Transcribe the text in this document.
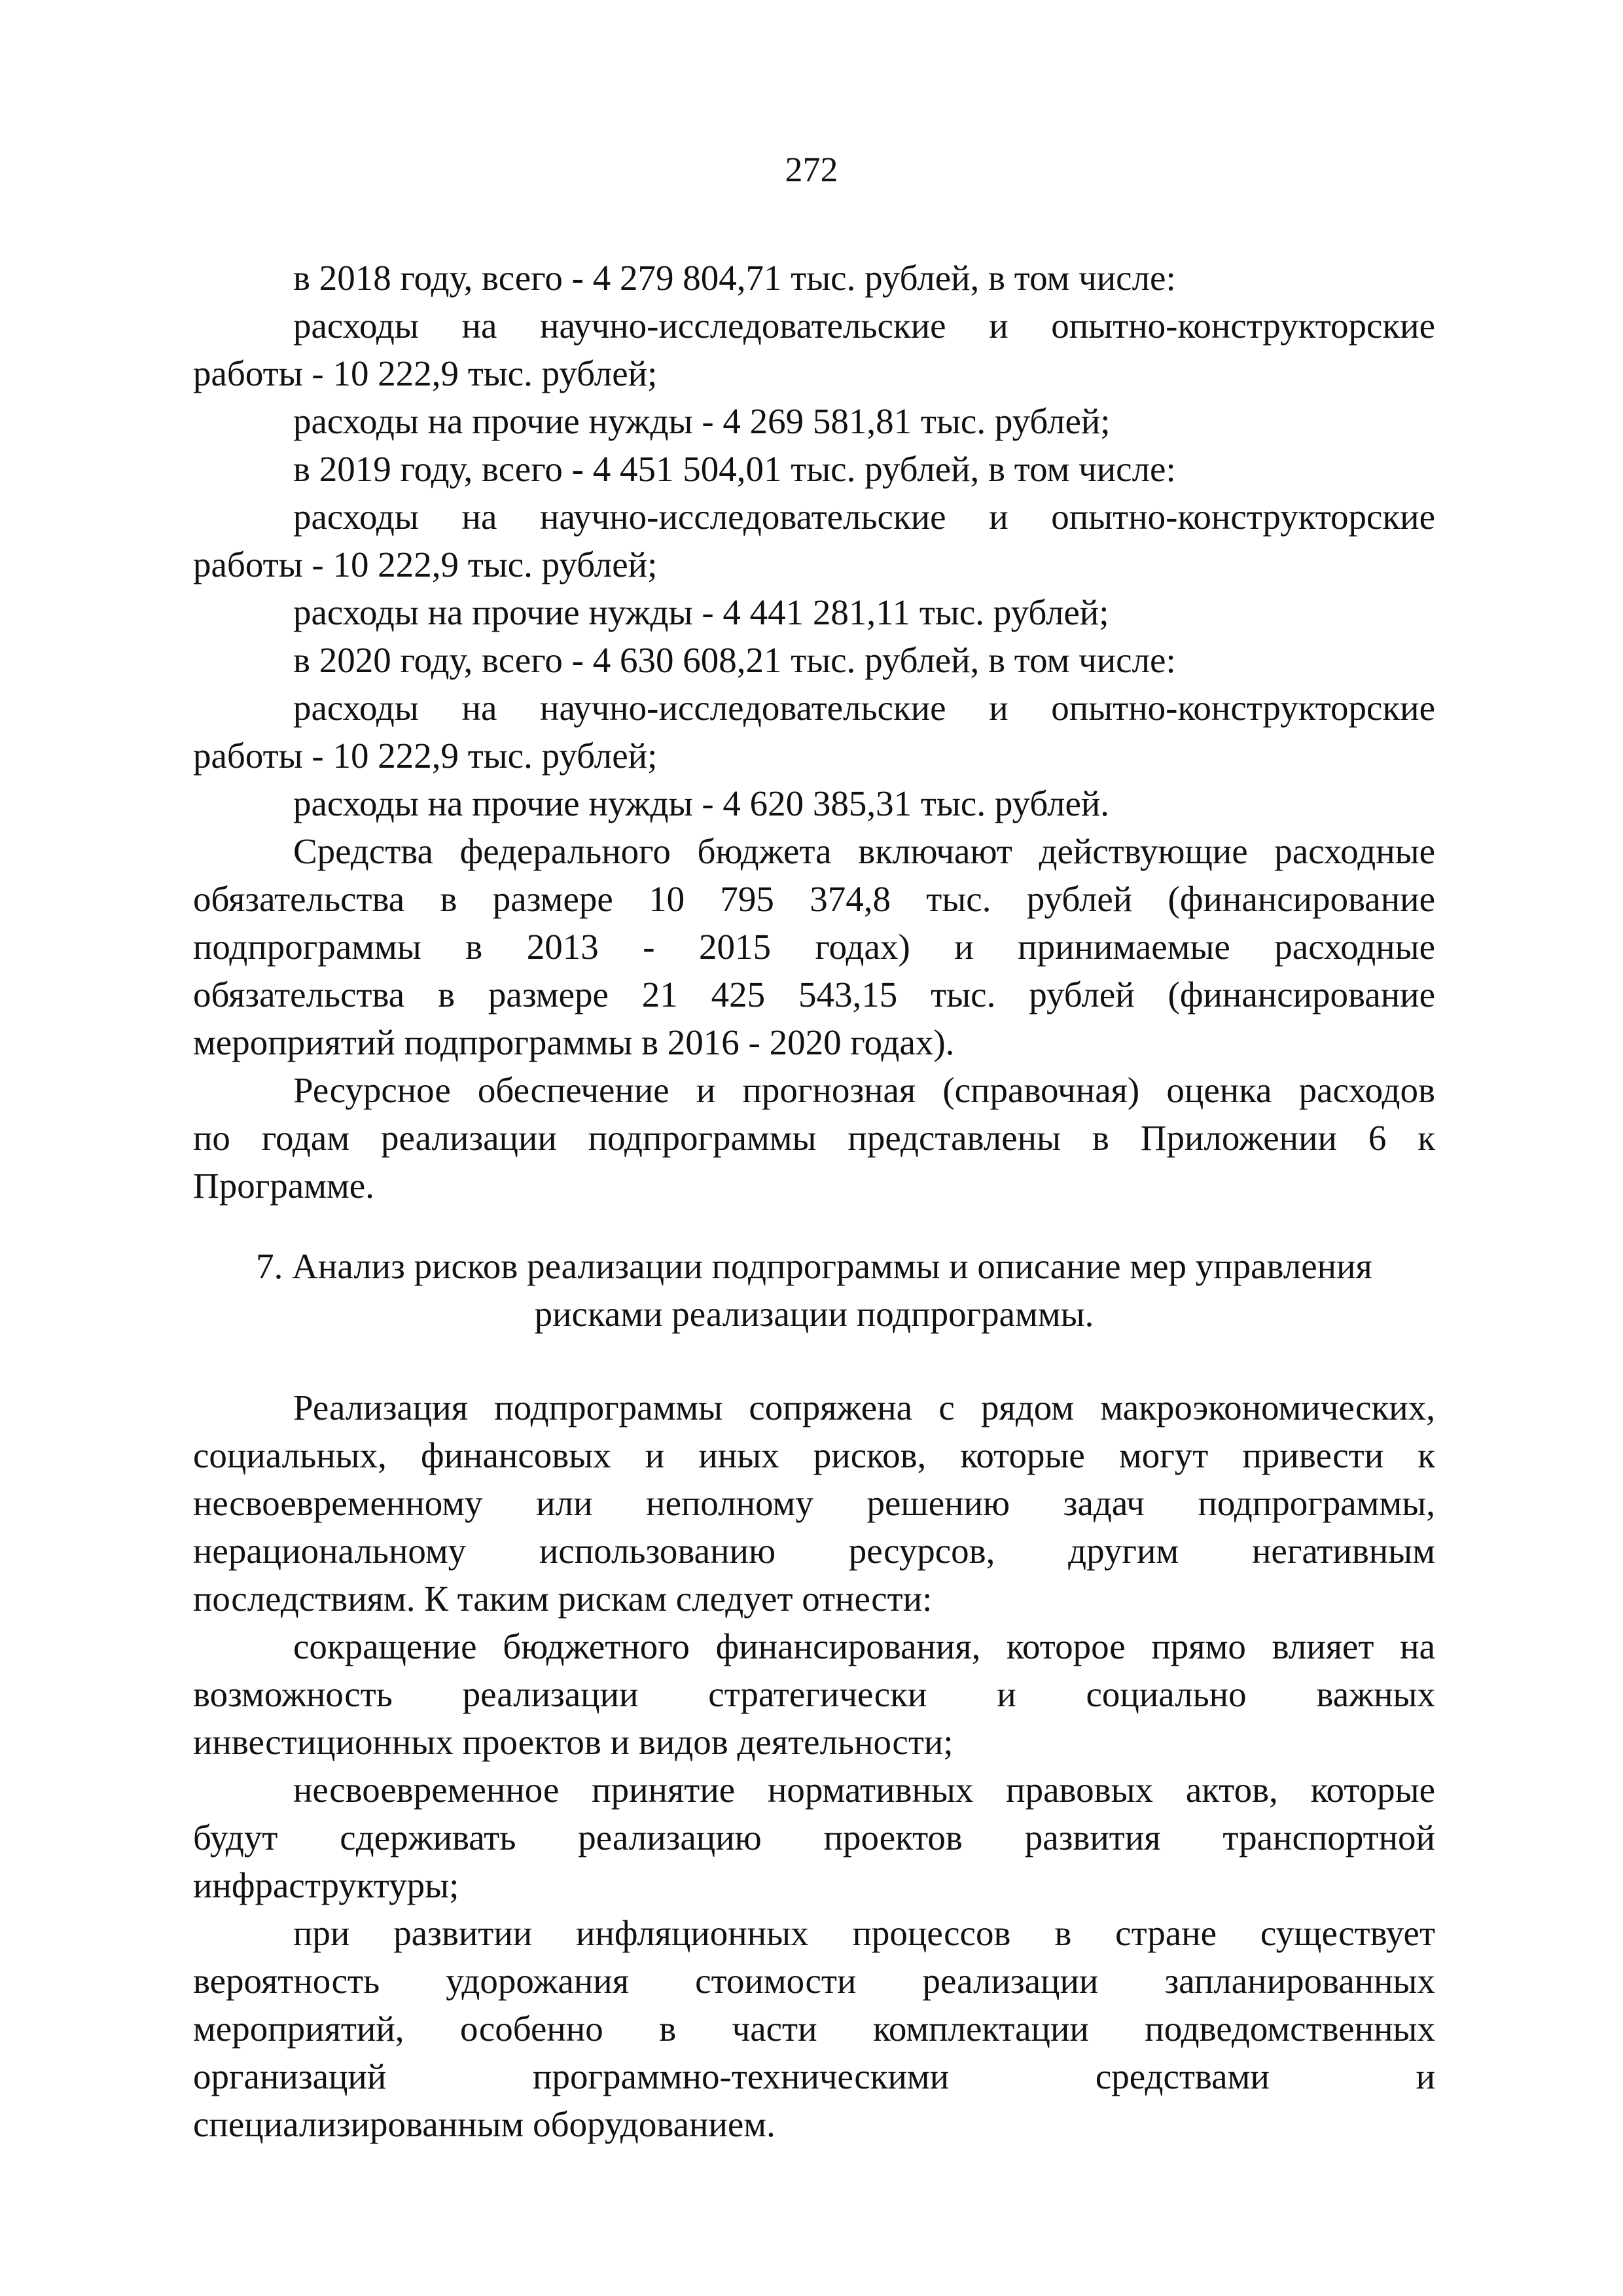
272
в 2018 году, всего - 4 279 804,71 тыс. рублей, в том числе:
расходы на научно-исследовательские и опытно-конструкторские
работы - 10 222,9 тыс. рублей;
расходы на прочие нужды - 4 269 581,81 тыс. рублей;
в 2019 году, всего - 4 451 504,01 тыс. рублей, в том числе:
расходы на научно-исследовательские и опытно-конструкторские
работы - 10 222,9 тыс. рублей;
расходы на прочие нужды - 4 441 281,11 тыс. рублей;
в 2020 году, всего - 4 630 608,21 тыс. рублей, в том числе:
расходы на научно-исследовательские и опытно-конструкторские
работы - 10 222,9 тыс. рублей;
расходы на прочие нужды - 4 620 385,31 тыс. рублей.
Средства федерального бюджета включают действующие расходные
обязательства в размере 10 795 374,8 тыс. рублей (финансирование
подпрограммы в 2013 - 2015 годах) и принимаемые расходные
обязательства в размере 21 425 543,15 тыс. рублей (финансирование
мероприятий подпрограммы в 2016 - 2020 годах).
Ресурсное обеспечение и прогнозная (справочная) оценка расходов
по годам реализации подпрограммы представлены в Приложении 6 к
Программе.
7. Анализ рисков реализации подпрограммы и описание мер управления
рисками реализации подпрограммы.
Реализация подпрограммы сопряжена с рядом макроэкономических,
социальных, финансовых и иных рисков, которые могут привести к
несвоевременному или неполному решению задач подпрограммы,
нерациональному использованию ресурсов, другим негативным
последствиям. К таким рискам следует отнести:
сокращение бюджетного финансирования, которое прямо влияет на
возможность реализации стратегически и социально важных
инвестиционных проектов и видов деятельности;
несвоевременное принятие нормативных правовых актов, которые
будут сдерживать реализацию проектов развития транспортной
инфраструктуры;
при развитии инфляционных процессов в стране существует
вероятность удорожания стоимости реализации запланированных
мероприятий, особенно в части комплектации подведомственных
организаций программно-техническими средствами и
специализированным оборудованием.
